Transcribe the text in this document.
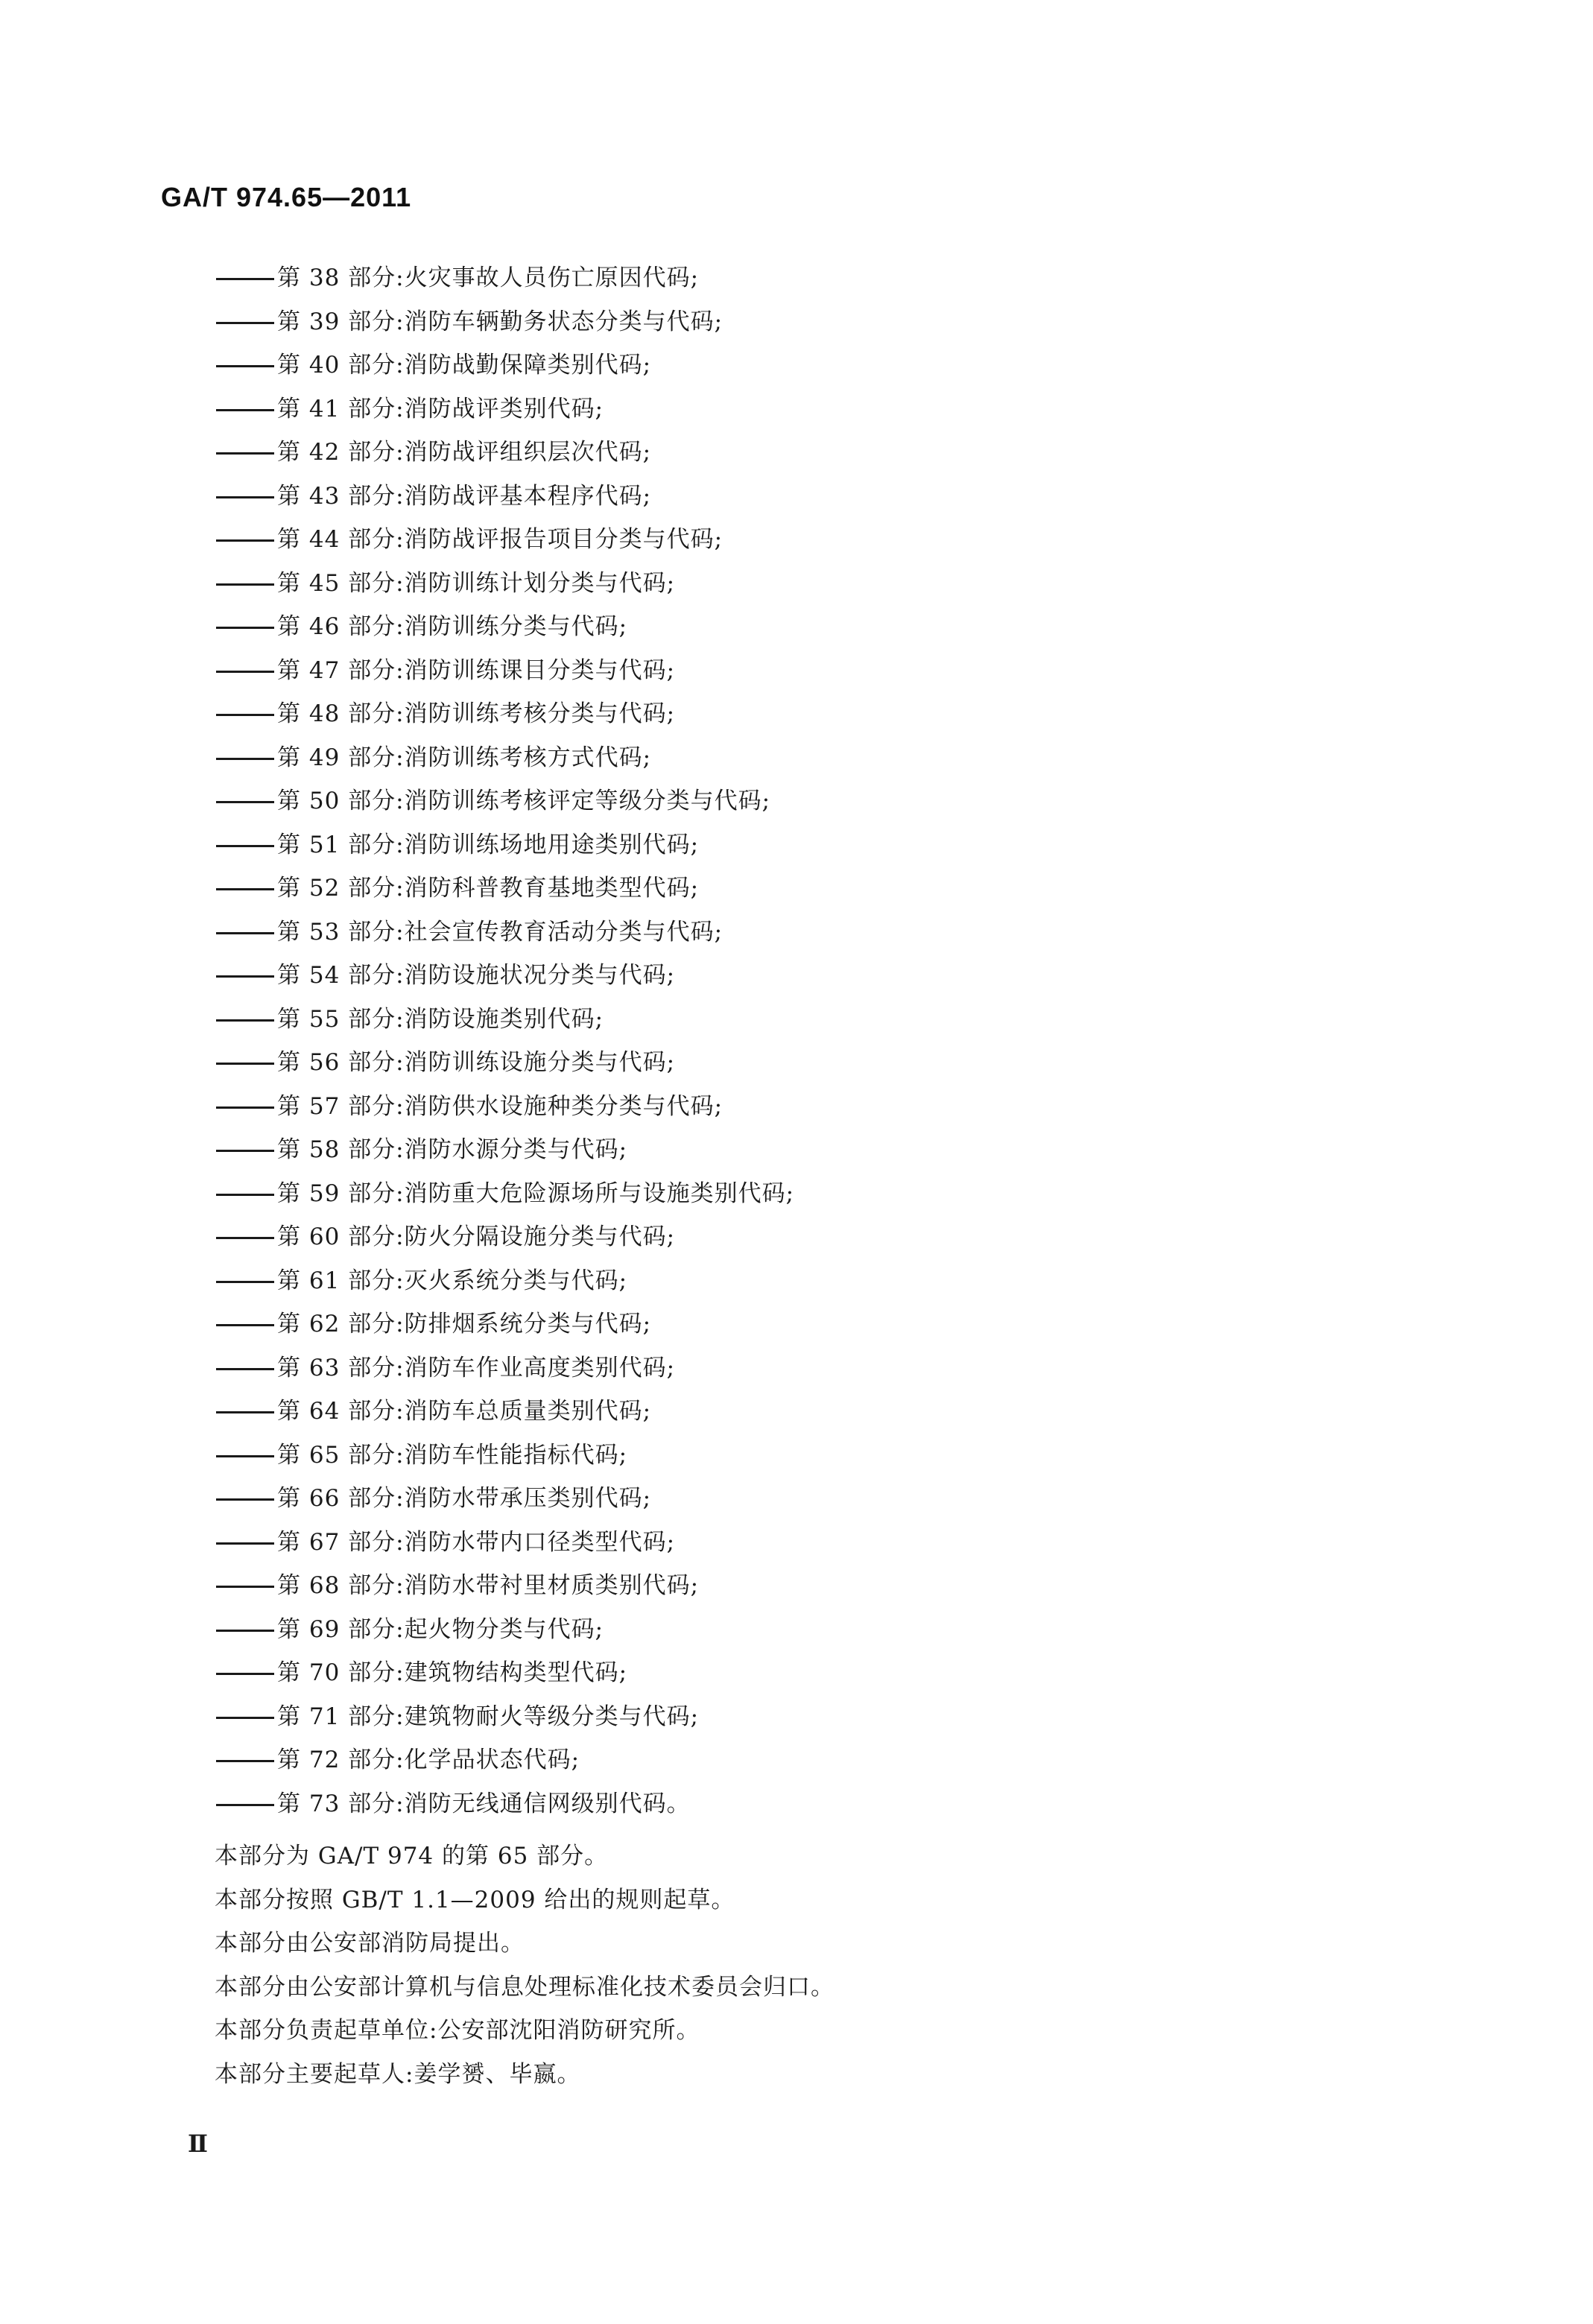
GA/T 974.65—2011
第 38 部分:火灾事故人员伤亡原因代码;
第 39 部分:消防车辆勤务状态分类与代码;
第 40 部分:消防战勤保障类别代码;
第 41 部分:消防战评类别代码;
第 42 部分:消防战评组织层次代码;
第 43 部分:消防战评基本程序代码;
第 44 部分:消防战评报告项目分类与代码;
第 45 部分:消防训练计划分类与代码;
第 46 部分:消防训练分类与代码;
第 47 部分:消防训练课目分类与代码;
第 48 部分:消防训练考核分类与代码;
第 49 部分:消防训练考核方式代码;
第 50 部分:消防训练考核评定等级分类与代码;
第 51 部分:消防训练场地用途类别代码;
第 52 部分:消防科普教育基地类型代码;
第 53 部分:社会宣传教育活动分类与代码;
第 54 部分:消防设施状况分类与代码;
第 55 部分:消防设施类别代码;
第 56 部分:消防训练设施分类与代码;
第 57 部分:消防供水设施种类分类与代码;
第 58 部分:消防水源分类与代码;
第 59 部分:消防重大危险源场所与设施类别代码;
第 60 部分:防火分隔设施分类与代码;
第 61 部分:灭火系统分类与代码;
第 62 部分:防排烟系统分类与代码;
第 63 部分:消防车作业高度类别代码;
第 64 部分:消防车总质量类别代码;
第 65 部分:消防车性能指标代码;
第 66 部分:消防水带承压类别代码;
第 67 部分:消防水带内口径类型代码;
第 68 部分:消防水带衬里材质类别代码;
第 69 部分:起火物分类与代码;
第 70 部分:建筑物结构类型代码;
第 71 部分:建筑物耐火等级分类与代码;
第 72 部分:化学品状态代码;
第 73 部分:消防无线通信网级别代码。
本部分为 GA/T 974 的第 65 部分。
本部分按照 GB/T 1.1—2009 给出的规则起草。
本部分由公安部消防局提出。
本部分由公安部计算机与信息处理标准化技术委员会归口。
本部分负责起草单位:公安部沈阳消防研究所。
本部分主要起草人:姜学赟、毕嬴。
Ⅱ
